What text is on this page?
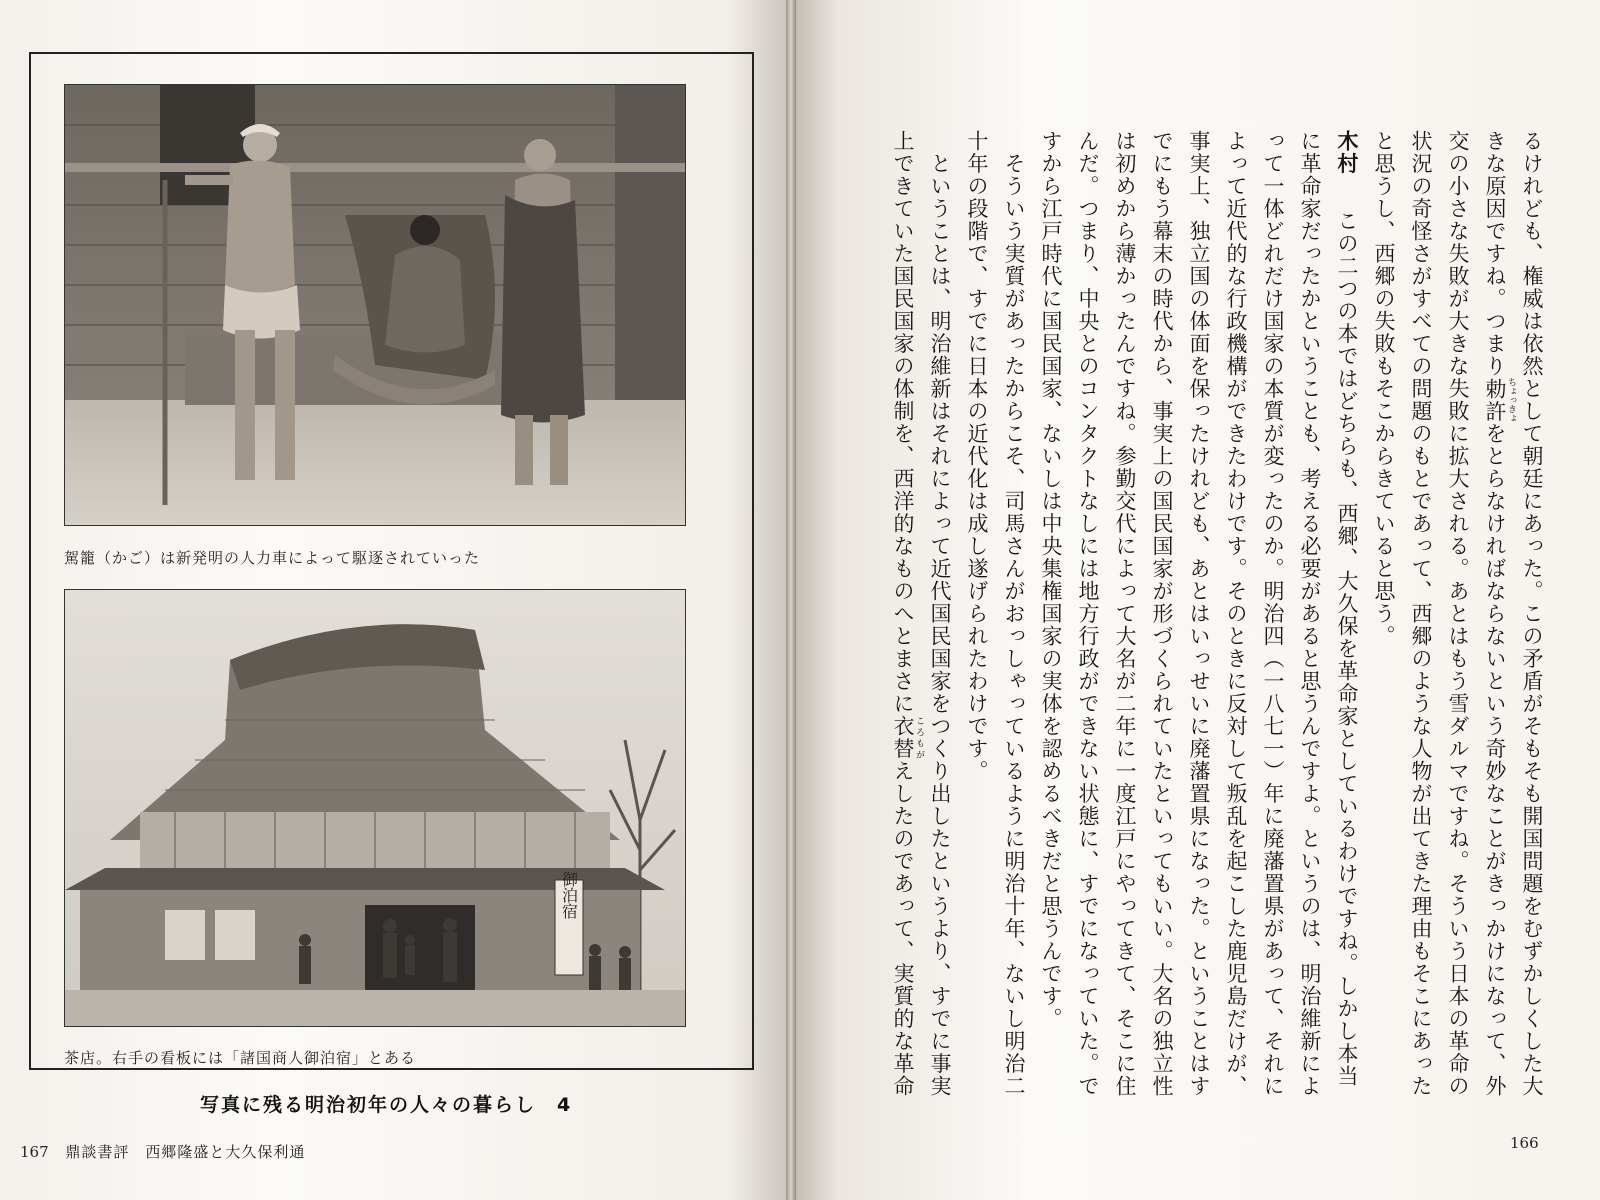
駕籠（かご）は新発明の人力車によって駆逐されていった
御泊宿
茶店。右手の看板には「諸国商人御泊宿」とある
写真に残る明治初年の人々の暮らし　4
167 鼎談書評　西郷隆盛と大久保利通

るけれども、権威は依然として朝廷にあった。この矛盾がそもそも開国問題をむずかしくした大きな原因ですね。つまり勅許 ちょっきょをとらなければならないという奇妙なことがきっかけになって、外

交の小さな失敗が大きな失敗に拡大される。あとはもう雪ダルマですね。そういう日本の革命の状況の奇怪さがすべての問題のもとであって、西郷のような人物が出てきた理由もそこにあったと思うし、西郷の失敗もそこからきていると思う。

木村　この二つの本ではどちらも、西郷、大久保を革命家としているわけですね。しかし本当に革命家だったかということも、考える必要があると思うんですよ。というのは、明治維新によって一体どれだけ国家の本質が変ったのか。明治四（一八七一）年に廃藩置県があって、それによって近代的な行政機構ができたわけです。そのときに反対して叛乱を起こした鹿児島だけが、事実上、独立国の体面を保ったけれども、あとはいっせいに廃藩置県になった。ということはすでにもう幕末の時代から、事実上の国民国家が形づくられていたといってもいい。大名の独立性は初めから薄かったんですね。参勤交代によって大名が二年に一度江戸にやってきて、そこに住んだ。つまり、中央とのコンタクトなしには地方行政ができない状態に、すでになっていた。ですから江戸時代に国民国家、ないしは中央集権国家の実体を認めるべきだと思うんです。

　そういう実質があったからこそ、司馬さんがおっしゃっているように明治十年、ないし明治二十年の段階で、すでに日本の近代化は成し遂げられたわけです。

　ということは、明治維新はそれによって近代国民国家をつくり出したというより、すでに事実上できていた国民国家の体制を、西洋的なものへとまさに衣替 ころもがえしたのであって、実質的な革命

166
